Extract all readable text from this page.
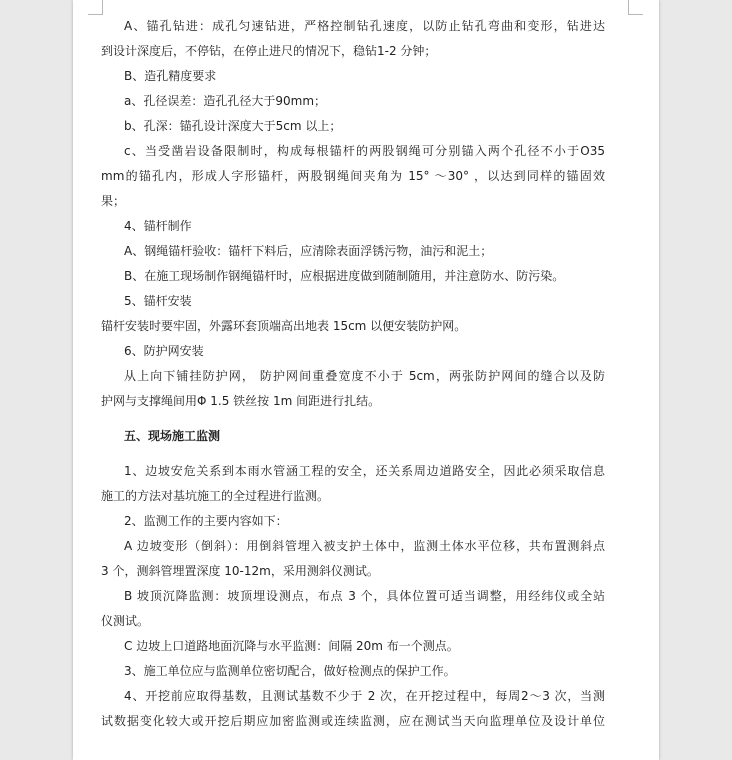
A、锚孔钻进：成孔匀速钻进，严格控制钻孔速度，以防止钻孔弯曲和变形，钻进达
到设计深度后，不停钻，在停止进尺的情况下，稳钻1-2 分钟；
B、造孔精度要求
a、孔径误差：造孔孔径大于90mm；
b、孔深：锚孔设计深度大于5cm 以上；
c、当受凿岩设备限制时，构成每根锚杆的两股钢绳可分别锚入两个孔径不小于O35
mm的锚孔内，形成人字形锚杆，两股钢绳间夹角为 15° ～30° ，以达到同样的锚固效
果；
4、锚杆制作
A、钢绳锚杆验收：锚杆下料后，应清除表面浮锈污物，油污和泥土；
B、在施工现场制作钢绳锚杆时，应根据进度做到随制随用，并注意防水、防污染。
5、锚杆安装
锚杆安装时要牢固，外露环套顶端高出地表 15cm 以便安装防护网。
6、防护网安装
从上向下铺挂防护网， 防护网间重叠宽度不小于 5cm，两张防护网间的缝合以及防
护网与支撑绳间用Φ 1.5 铁丝按 1m 间距进行扎结。
五、现场施工监测
1、边坡安危关系到本雨水管涵工程的安全，还关系周边道路安全，因此必须采取信息
施工的方法对基坑施工的全过程进行监测。
2、监测工作的主要内容如下：
A 边坡变形（倒斜）：用倒斜管埋入被支护土体中，监测土体水平位移，共布置测斜点
3 个，测斜管埋置深度 10-12m，采用测斜仪测试。
B 坡顶沉降监测：坡顶埋设测点，布点 3 个，具体位置可适当调整，用经纬仪或全站
仪测试。
C 边坡上口道路地面沉降与水平监测：间隔 20m 布一个测点。
3、施工单位应与监测单位密切配合，做好检测点的保护工作。
4、开挖前应取得基数，且测试基数不少于 2 次，在开挖过程中，每周2～3 次，当测
试数据变化较大或开挖后期应加密监测或连续监测，应在测试当天向监理单位及设计单位
